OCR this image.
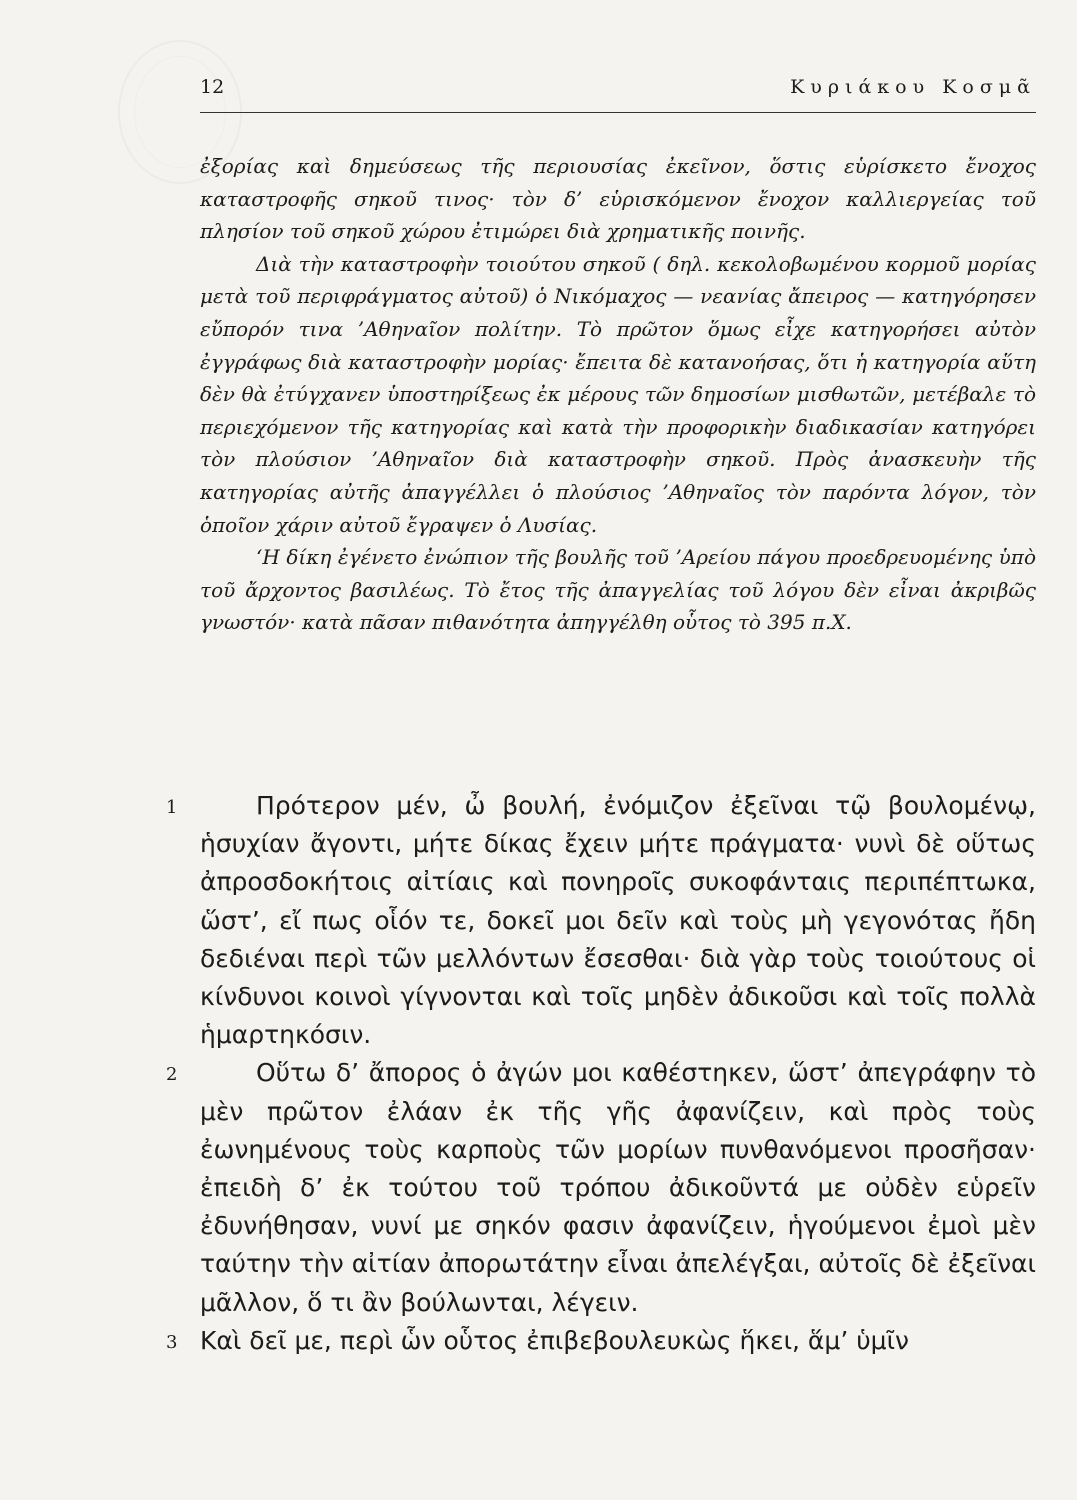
12	Κυριάκου Κοσμᾶ

ἐξορίας καὶ δημεύσεως τῆς περιουσίας ἐκεῖνον, ὅστις εὑρίσκετο ἔνοχος καταστροφῆς σηκοῦ τινος· τὸν δ’ εὑρισκόμενον ἔνοχον καλλιεργείας τοῦ πλησίον τοῦ σηκοῦ χώρου ἐτιμώρει διὰ χρηματικῆς ποινῆς.

Διὰ τὴν καταστροφὴν τοιούτου σηκοῦ ( δηλ. κεκολοβωμένου κορμοῦ μορίας μετὰ τοῦ περιφράγματος αὐτοῦ) ὁ Νικόμαχος — νεανίας ἄπειρος — κατηγόρησεν εὔπορόν τινα ’Αθηναῖον πολίτην. Τὸ πρῶτον ὅμως εἶχε κατηγορήσει αὐτὸν ἐγγράφως διὰ καταστροφὴν μορίας· ἔπειτα δὲ κατανοήσας, ὅτι ἡ κατηγορία αὕτη δὲν θὰ ἐτύγχανεν ὑποστηρίξεως ἐκ μέρους τῶν δημοσίων μισθωτῶν, μετέβαλε τὸ περιεχόμενον τῆς κατηγορίας καὶ κατὰ τὴν προφορικὴν διαδικασίαν κατηγόρει τὸν πλούσιον ’Αθηναῖον διὰ καταστροφὴν σηκοῦ. Πρὸς ἀνασκευὴν τῆς κατηγορίας αὐτῆς ἀπαγγέλλει ὁ πλούσιος ’Αθηναῖος τὸν παρόντα λόγον, τὸν ὁποῖον χάριν αὐτοῦ ἔγραψεν ὁ Λυσίας.

‘Η δίκη ἐγένετο ἐνώπιον τῆς βουλῆς τοῦ ’Αρείου πάγου προεδρευομένης ὑπὸ τοῦ ἄρχοντος βασιλέως. Τὸ ἔτος τῆς ἀπαγγελίας τοῦ λόγου δὲν εἶναι ἀκριβῶς γνωστόν· κατὰ πᾶσαν πιθανότητα ἀπηγγέλθη οὗτος τὸ 395 π.Χ.

1	Πρότερον μέν, ὦ βουλή, ἐνόμιζον ἐξεῖναι τῷ βουλομένῳ, ἡσυχίαν ἄγοντι, μήτε δίκας ἔχειν μήτε πράγματα· νυνὶ δὲ οὕτως ἀπροσδοκήτοις αἰτίαις καὶ πονηροῖς συκοφάνταις περιπέπτωκα, ὥστ’, εἴ πως οἷόν τε, δοκεῖ μοι δεῖν καὶ τοὺς μὴ γεγονότας ἤδη δεδιέναι περὶ τῶν μελλόντων ἔσεσθαι· διὰ γὰρ τοὺς τοιούτους οἱ κίνδυνοι κοινοὶ γίγνονται καὶ τοῖς μηδὲν ἀδικοῦσι καὶ τοῖς πολλὰ ἡμαρτηκόσιν.
2	Οὕτω δ’ ἄπορος ὁ ἀγών μοι καθέστηκεν, ὥστ’ ἀπεγράφην τὸ μὲν πρῶτον ἐλάαν ἐκ τῆς γῆς ἀφανίζειν, καὶ πρὸς τοὺς ἐωνημένους τοὺς καρποὺς τῶν μορίων πυνθανόμενοι προσῆσαν· ἐπειδὴ δ’ ἐκ τούτου τοῦ τρόπου ἀδικοῦντά με οὐδὲν εὑρεῖν ἐδυνήθησαν, νυνί με σηκόν φασιν ἀφανίζειν, ἡγούμενοι ἐμοὶ μὲν ταύτην τὴν αἰτίαν ἀπορωτάτην εἶναι ἀπελέγξαι, αὐτοῖς δὲ ἐξεῖναι μᾶλλον, ὅ τι ἂν βούλωνται, λέγειν.
3 Καὶ δεῖ με, περὶ ὧν οὗτος ἐπιβεβουλευκὼς ἥκει, ἅμ’ ὑμῖν
